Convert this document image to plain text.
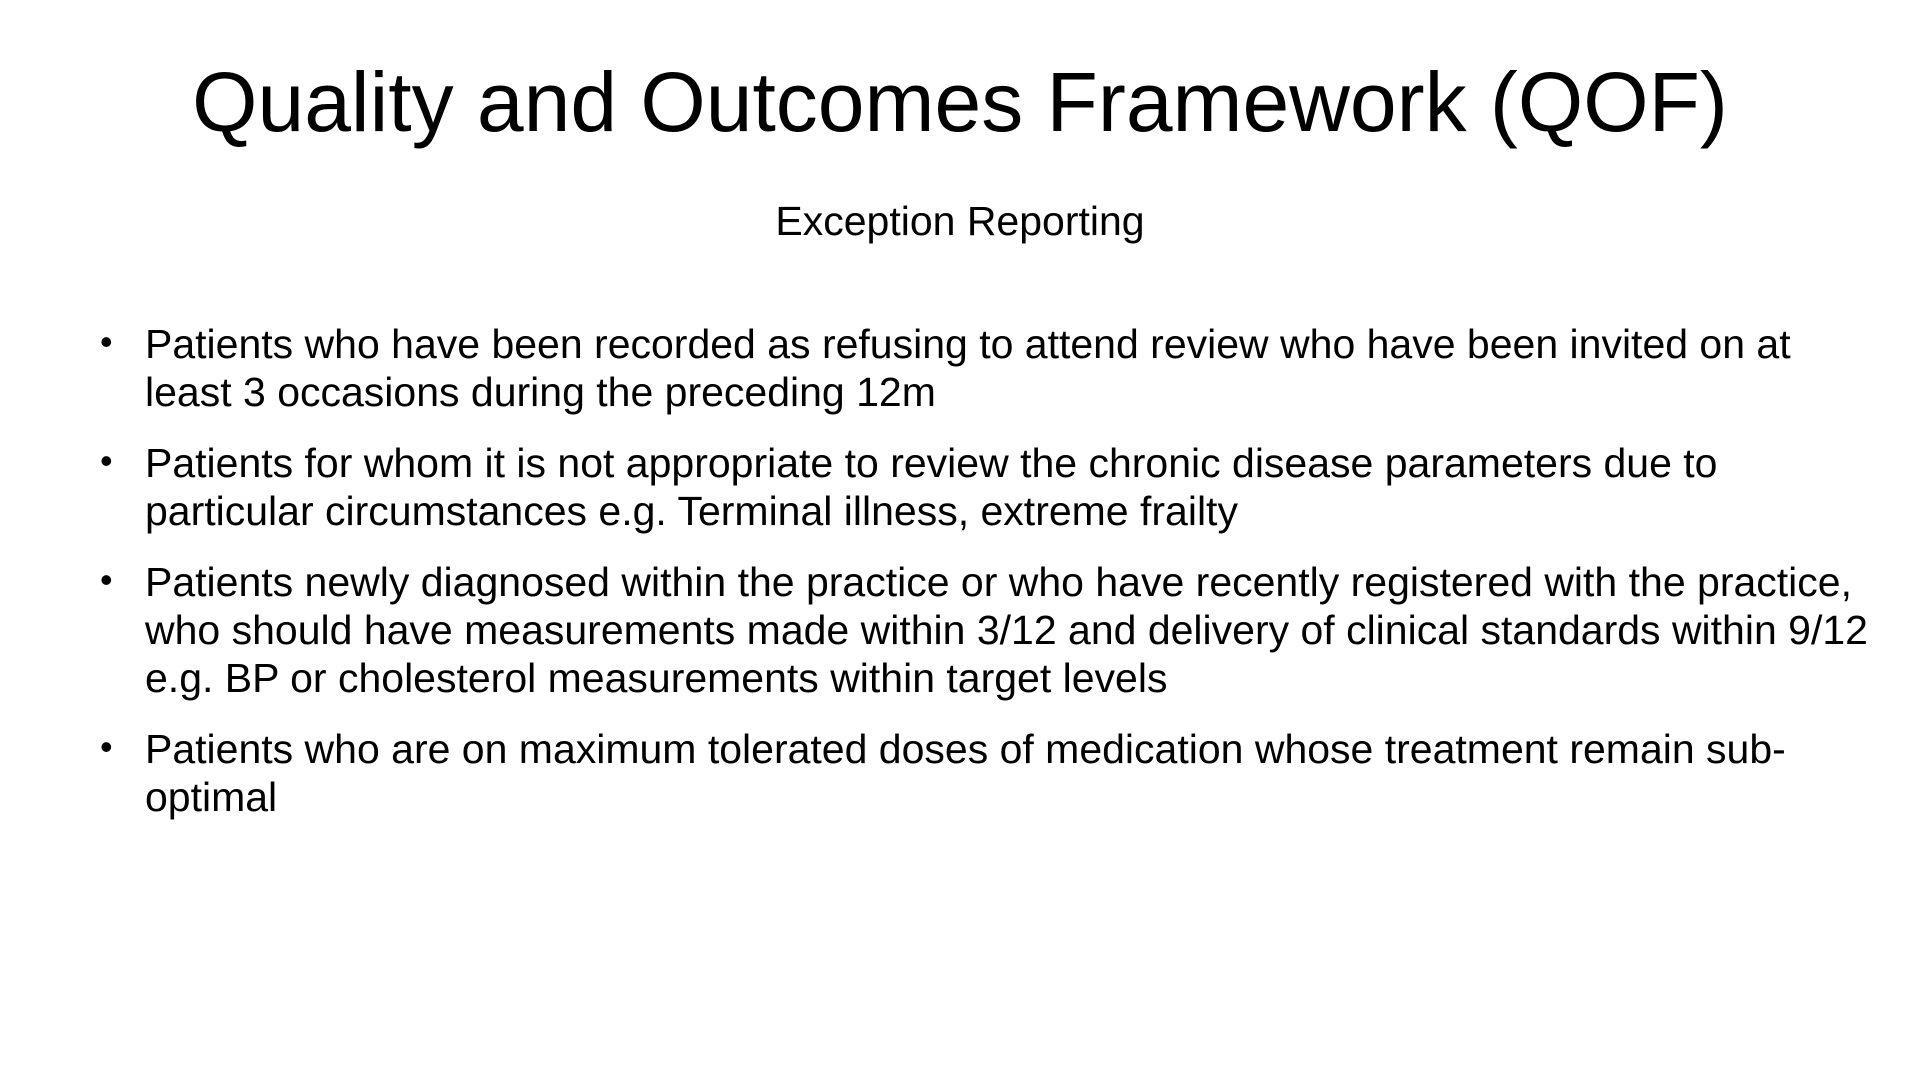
Quality and Outcomes Framework (QOF)
Exception Reporting
• Patients who have been recorded as refusing to attend review who have been invited on at least 3 occasions during the preceding 12m
• Patients for whom it is not appropriate to review the chronic disease parameters due to particular circumstances e.g. Terminal illness, extreme frailty
• Patients newly diagnosed within the practice or who have recently registered with the practice, who should have measurements made within 3/12 and delivery of clinical standards within 9/12 e.g. BP or cholesterol measurements within target levels
• Patients who are on maximum tolerated doses of medication whose treatment remain sub-optimal
